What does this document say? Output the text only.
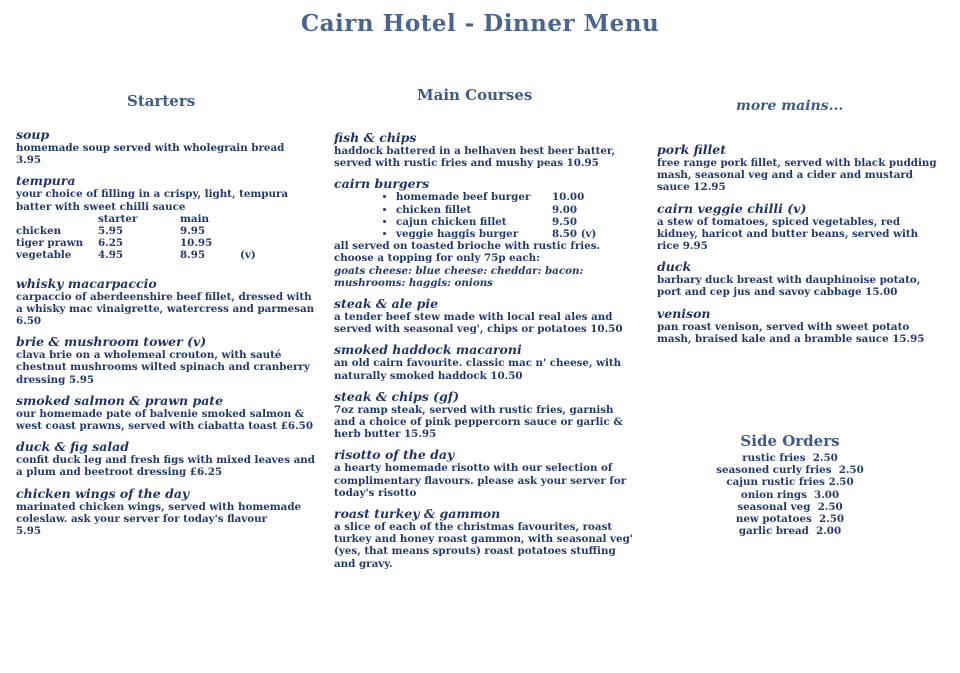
Cairn Hotel - Dinner Menu
Starters
soup
homemade soup served with wholegrain bread
3.95
tempura
your choice of filling in a crispy, light, tempura batter with sweet chilli sauce
	starter	main	
chicken	5.95	9.95	
tiger prawn	6.25	10.95	
vegetable	4.95	8.95	(v)
whisky macarpaccio
carpaccio of aberdeenshire beef fillet, dressed with a whisky mac vinaigrette, watercress and parmesan 6.50
brie & mushroom tower (v)
clava brie on a wholemeal crouton, with sauté chestnut mushrooms wilted spinach and cranberry dressing 5.95
smoked salmon & prawn pate
our homemade pate of balvenie smoked salmon & west coast prawns, served with ciabatta toast £6.50
duck & fig salad
confit duck leg and fresh figs with mixed leaves and a plum and beetroot dressing £6.25
chicken wings of the day
marinated chicken wings, served with homemade coleslaw. ask your server for today's flavour
5.95
Main Courses
fish & chips
haddock battered in a belhaven best beer batter, served with rustic fries and mushy peas 10.95
cairn burgers
• homemade beef burger 10.00
• chicken fillet	9.00
• cajun chicken fillet	9.50
• veggie haggis burger	8.50 (v)
all served on toasted brioche with rustic fries.
choose a topping for only 75p each:
goats cheese: blue cheese: cheddar: bacon:
mushrooms: haggis: onions
steak & ale pie
a tender beef stew made with local real ales and served with seasonal veg', chips or potatoes 10.50
smoked haddock macaroni
an old cairn favourite. classic mac n' cheese, with naturally smoked haddock 10.50
steak & chips (gf)
7oz ramp steak, served with rustic fries, garnish and a choice of pink peppercorn sauce or garlic & herb butter 15.95
risotto of the day
a hearty homemade risotto with our selection of complimentary flavours. please ask your server for today's risotto
roast turkey & gammon
a slice of each of the christmas favourites, roast turkey and honey roast gammon, with seasonal veg' (yes, that means sprouts) roast potatoes stuffing and gravy.
more mains...
pork fillet
free range pork fillet, served with black pudding mash, seasonal veg and a cider and mustard sauce 12.95
cairn veggie chilli (v)
a stew of tomatoes, spiced vegetables, red kidney, haricot and butter beans, served with rice 9.95
duck
barbary duck breast with dauphinoise potato, port and cep jus and savoy cabbage 15.00
venison
pan roast venison, served with sweet potato mash, braised kale and a bramble sauce 15.95
Side Orders
rustic fries 2.50
seasoned curly fries 2.50
cajun rustic fries 2.50
onion rings 3.00
seasonal veg 2.50
new potatoes 2.50
garlic bread 2.00
